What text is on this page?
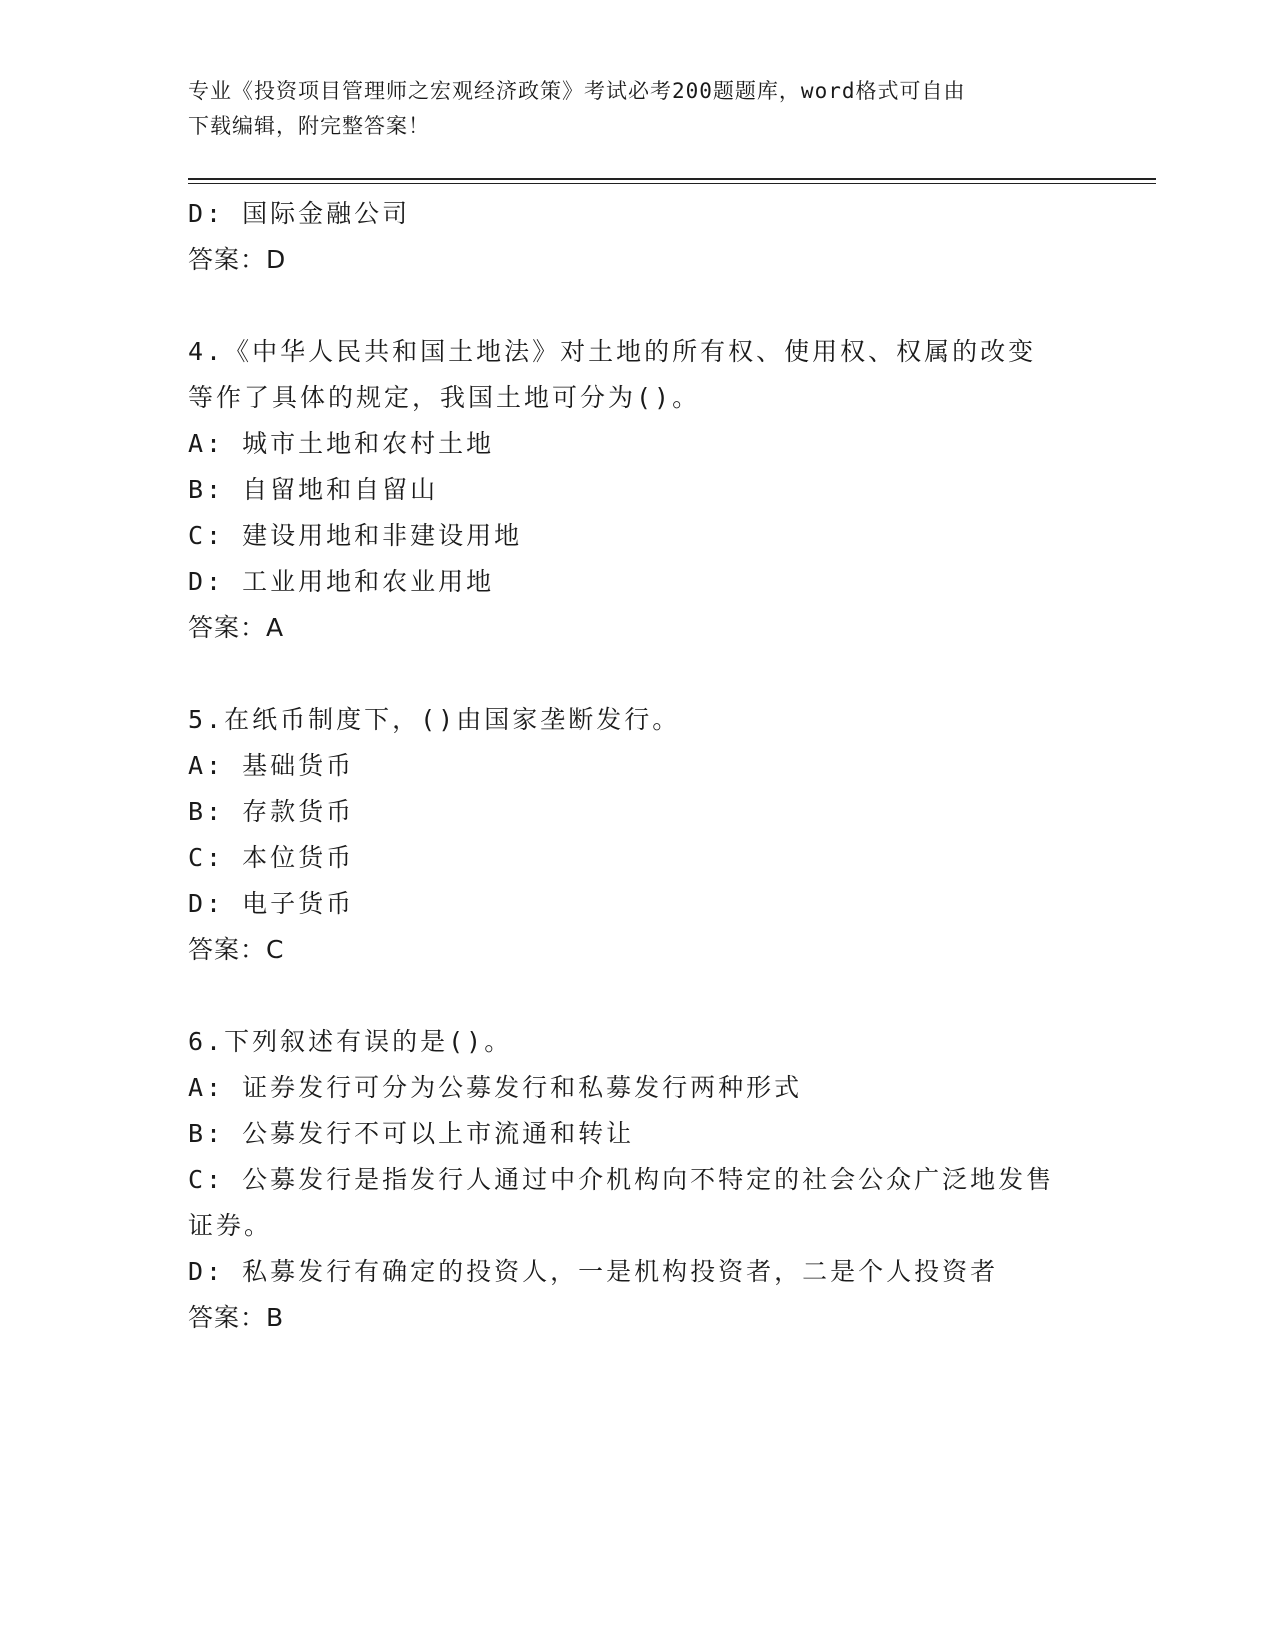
专业《投资项目管理师之宏观经济政策》考试必考200题题库，word格式可自由
下载编辑，附完整答案！
D: 国际金融公司
答案：D
4.《中华人民共和国土地法》对土地的所有权、使用权、权属的改变
等作了具体的规定，我国土地可分为()。
A: 城市土地和农村土地
B: 自留地和自留山
C: 建设用地和非建设用地
D: 工业用地和农业用地
答案：A
5.在纸币制度下，()由国家垄断发行。
A: 基础货币
B: 存款货币
C: 本位货币
D: 电子货币
答案：C
6.下列叙述有误的是()。
A: 证券发行可分为公募发行和私募发行两种形式
B: 公募发行不可以上市流通和转让
C: 公募发行是指发行人通过中介机构向不特定的社会公众广泛地发售
证券。
D: 私募发行有确定的投资人，一是机构投资者，二是个人投资者
答案：B
